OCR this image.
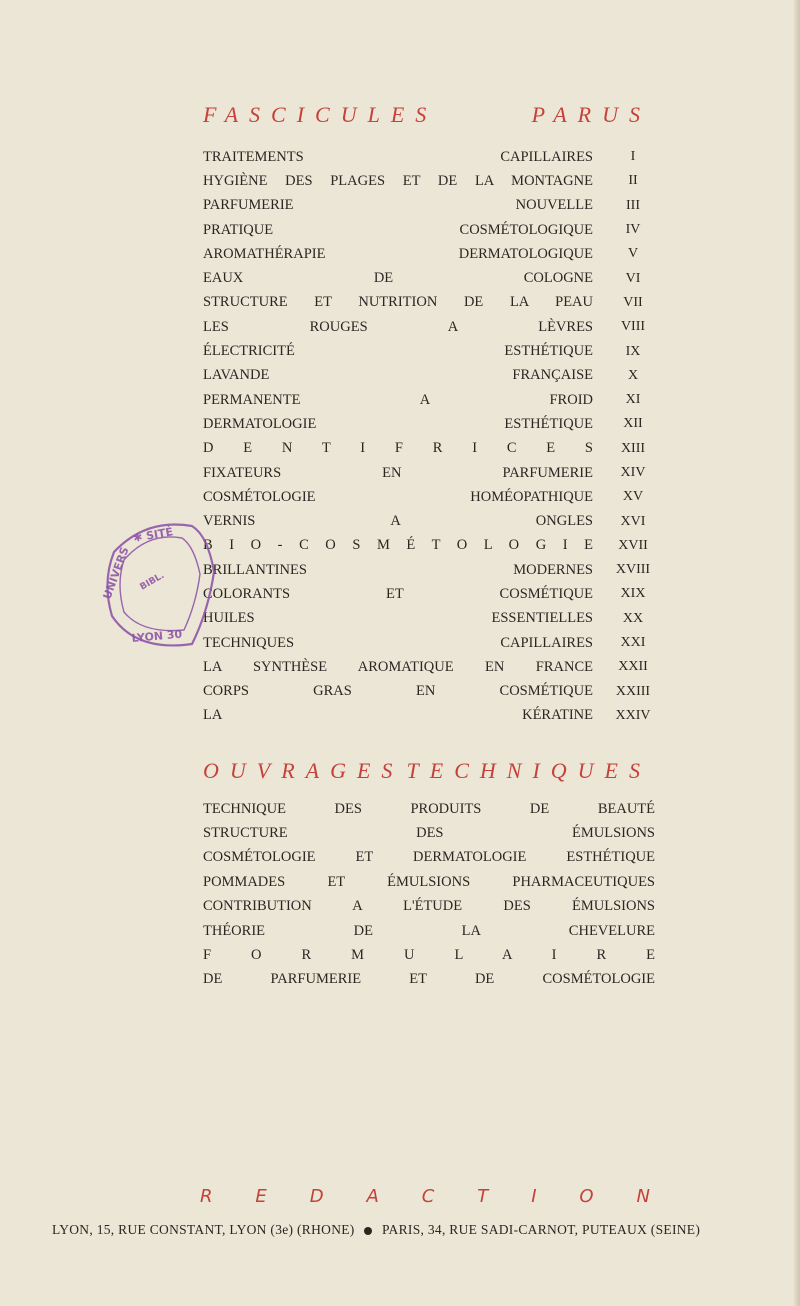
FASCICULES	PARUS
TRAITEMENTS CAPILLAIRES	I
HYGIÈNE DES PLAGES ET DE LA MONTAGNE	II
PARFUMERIE NOUVELLE	III
PRATIQUE COSMÉTOLOGIQUE	IV
AROMATHÉRAPIE DERMATOLOGIQUE	V
EAUX DE COLOGNE	VI
STRUCTURE ET NUTRITION DE LA PEAU	VII
LES ROUGES A LÈVRES	VIII
ÉLECTRICITÉ ESTHÉTIQUE	IX
LAVANDE FRANÇAISE	X
PERMANENTE A FROID	XI
DERMATOLOGIE ESTHÉTIQUE	XII
D E N T I F R I C E S	XIII
FIXATEURS EN PARFUMERIE	XIV
COSMÉTOLOGIE HOMÉOPATHIQUE	XV
VERNIS A ONGLES	XVI
B I O - C O S M É T O L O G I E	XVII
BRILLANTINES MODERNES	XVIII
COLORANTS ET COSMÉTIQUE	XIX
HUILES ESSENTIELLES	XX
TECHNIQUES CAPILLAIRES	XXI
LA SYNTHÈSE AROMATIQUE EN FRANCE	XXII
CORPS GRAS EN COSMÉTIQUE	XXIII
LA KÉRATINE	XXIV
OUVRAGES TECHNIQUES
TECHNIQUE DES PRODUITS DE BEAUTÉ
STRUCTURE DES ÉMULSIONS
COSMÉTOLOGIE ET DERMATOLOGIE ESTHÉTIQUE
POMMADES ET ÉMULSIONS PHARMACEUTIQUES
CONTRIBUTION A L'ÉTUDE DES ÉMULSIONS
THÉORIE DE LA CHEVELURE
F O R M U L A I R E
DE PARFUMERIE ET DE COSMÉTOLOGIE
R E D A C T I O N
LYON, 15, RUE CONSTANT, LYON (3e) (RHONE) PARIS, 34, RUE SADI-CARNOT, PUTEAUX (SEINE)
UNIVERS
✱ SITÉ
LYON 30
BIBL.
